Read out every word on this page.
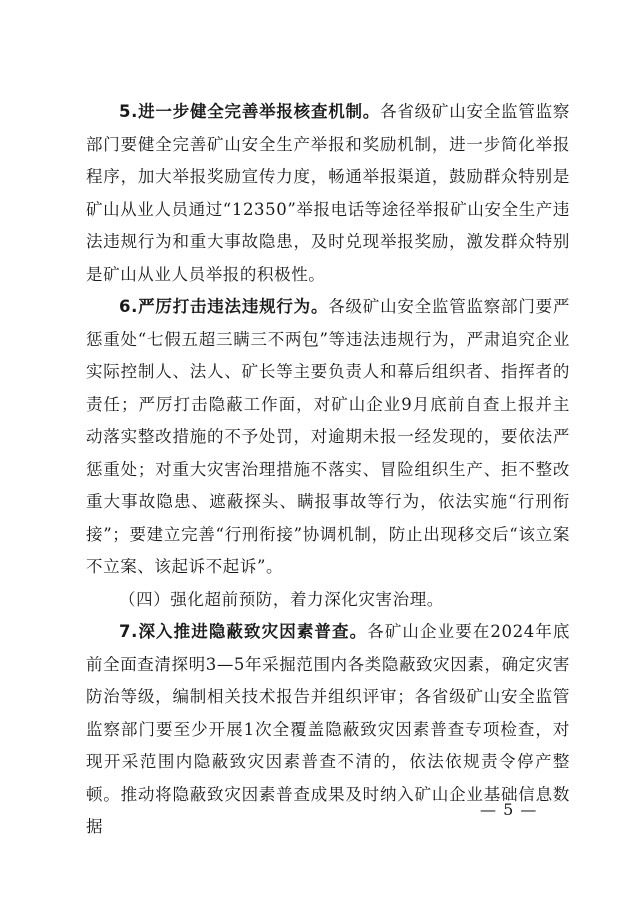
5.进一步健全完善举报核查机制。各省级矿山安全监管监察部门要健全完善矿山安全生产举报和奖励机制，进一步简化举报程序，加大举报奖励宣传力度，畅通举报渠道，鼓励群众特别是矿山从业人员通过“12350”举报电话等途径举报矿山安全生产违法违规行为和重大事故隐患，及时兑现举报奖励，激发群众特别是矿山从业人员举报的积极性。

6.严厉打击违法违规行为。各级矿山安全监管监察部门要严惩重处“七假五超三瞒三不两包”等违法违规行为，严肃追究企业实际控制人、法人、矿长等主要负责人和幕后组织者、指挥者的责任；严厉打击隐蔽工作面，对矿山企业9月底前自查上报并主动落实整改措施的不予处罚，对逾期未报一经发现的，要依法严惩重处；对重大灾害治理措施不落实、冒险组织生产、拒不整改重大事故隐患、遮蔽探头、瞒报事故等行为，依法实施“行刑衔接”；要建立完善“行刑衔接”协调机制，防止出现移交后“该立案不立案、该起诉不起诉”。

（四）强化超前预防，着力深化灾害治理。

7.深入推进隐蔽致灾因素普查。各矿山企业要在2024年底前全面查清探明3—5年采掘范围内各类隐蔽致灾因素，确定灾害防治等级，编制相关技术报告并组织评审；各省级矿山安全监管监察部门要至少开展1次全覆盖隐蔽致灾因素普查专项检查，对现开采范围内隐蔽致灾因素普查不清的，依法依规责令停产整顿。推动将隐蔽致灾因素普查成果及时纳入矿山企业基础信息数据

— 5 —
